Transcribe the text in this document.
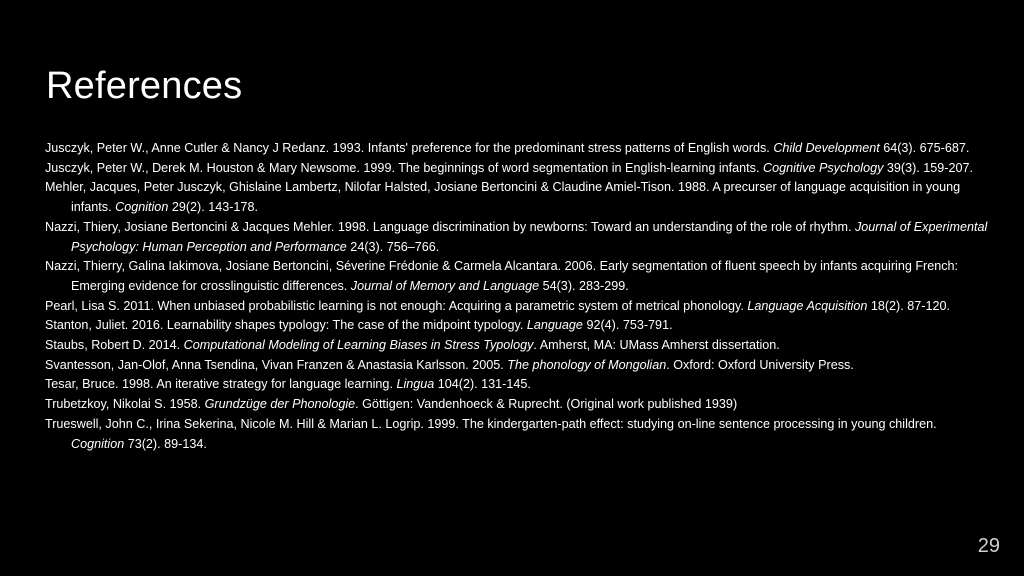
References
Jusczyk, Peter W., Anne Cutler & Nancy J Redanz. 1993. Infants' preference for the predominant stress patterns of English words. Child Development 64(3). 675-687.
Jusczyk, Peter W., Derek M. Houston & Mary Newsome. 1999. The beginnings of word segmentation in English-learning infants. Cognitive Psychology 39(3). 159-207.
Mehler, Jacques, Peter Jusczyk, Ghislaine Lambertz, Nilofar Halsted, Josiane Bertoncini & Claudine Amiel-Tison. 1988. A precurser of language acquisition in young infants. Cognition 29(2). 143-178.
Nazzi, Thiery, Josiane Bertoncini & Jacques Mehler. 1998. Language discrimination by newborns: Toward an understanding of the role of rhythm. Journal of Experimental Psychology: Human Perception and Performance 24(3). 756–766.
Nazzi, Thierry, Galina Iakimova, Josiane Bertoncini, Séverine Frédonie & Carmela Alcantara. 2006. Early segmentation of fluent speech by infants acquiring French: Emerging evidence for crosslinguistic differences. Journal of Memory and Language 54(3). 283-299.
Pearl, Lisa S. 2011. When unbiased probabilistic learning is not enough: Acquiring a parametric system of metrical phonology. Language Acquisition 18(2). 87-120.
Stanton, Juliet. 2016. Learnability shapes typology: The case of the midpoint typology. Language 92(4). 753-791.
Staubs, Robert D. 2014. Computational Modeling of Learning Biases in Stress Typology. Amherst, MA: UMass Amherst dissertation.
Svantesson, Jan-Olof, Anna Tsendina, Vivan Franzen & Anastasia Karlsson. 2005. The phonology of Mongolian. Oxford: Oxford University Press.
Tesar, Bruce. 1998. An iterative strategy for language learning. Lingua 104(2). 131-145.
Trubetzkoy, Nikolai S. 1958. Grundzüge der Phonologie. Göttigen: Vandenhoeck & Ruprecht. (Original work published 1939)
Trueswell, John C., Irina Sekerina, Nicole M. Hill & Marian L. Logrip. 1999. The kindergarten-path effect: studying on-line sentence processing in young children. Cognition 73(2). 89-134.
29
